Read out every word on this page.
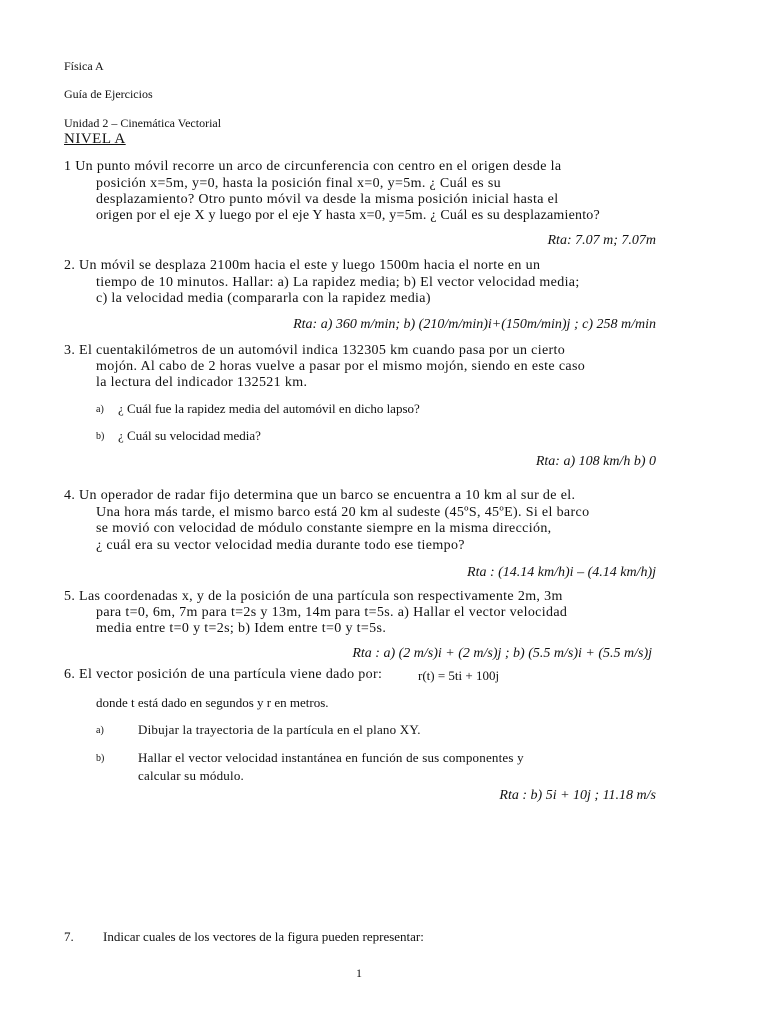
Física A
Guía de Ejercicios
Unidad 2 – Cinemática Vectorial
NIVEL A
1 Un punto móvil recorre un arco de circunferencia con centro en el origen desde la
posición x=5m, y=0, hasta la posición final x=0, y=5m. ¿ Cuál es su
desplazamiento? Otro punto móvil va desde la misma posición inicial hasta el
origen por el eje X y luego por el eje Y hasta x=0, y=5m. ¿ Cuál es su desplazamiento?
Rta: 7.07 m; 7.07m
2. Un móvil se desplaza 2100m hacia el este y luego 1500m hacia el norte en un
tiempo de 10 minutos. Hallar: a) La rapidez media; b) El vector velocidad media;
c) la velocidad media (compararla con la rapidez media)
Rta: a) 360 m/min; b) (210/m/min)i+(150m/min)j ; c) 258 m/min
3. El cuentakilómetros de un automóvil indica 132305 km cuando pasa por un cierto
mojón. Al cabo de 2 horas vuelve a pasar por el mismo mojón, siendo en este caso
la lectura del indicador 132521 km.
a) ¿ Cuál fue la rapidez media del automóvil en dicho lapso?
b) ¿ Cuál su velocidad media?
Rta: a) 108 km/h b) 0
4. Un operador de radar fijo determina que un barco se encuentra a 10 km al sur de el.
Una hora más tarde, el mismo barco está 20 km al sudeste (45ºS, 45ºE). Si el barco
se movió con velocidad de módulo constante siempre en la misma dirección,
¿ cuál era su vector velocidad media durante todo ese tiempo?
Rta : (14.14 km/h)i – (4.14 km/h)j
5. Las coordenadas x, y de la posición de una partícula son respectivamente 2m, 3m
para t=0, 6m, 7m para t=2s y 13m, 14m para t=5s. a) Hallar el vector velocidad
media entre t=0 y t=2s; b) Idem entre t=0 y t=5s.
Rta : a) (2 m/s)i + (2 m/s)j ; b) (5.5 m/s)i + (5.5 m/s)j
6. El vector posición de una partícula viene dado por:	r(t) = 5ti + 100j
donde t está dado en segundos y r en metros.
a)	Dibujar la trayectoria de la partícula en el plano XY.
b)	Hallar el vector velocidad instantánea en función de sus componentes y
calcular su módulo.
Rta : b) 5i + 10j ; 11.18 m/s
7. Indicar cuales de los vectores de la figura pueden representar:
1
